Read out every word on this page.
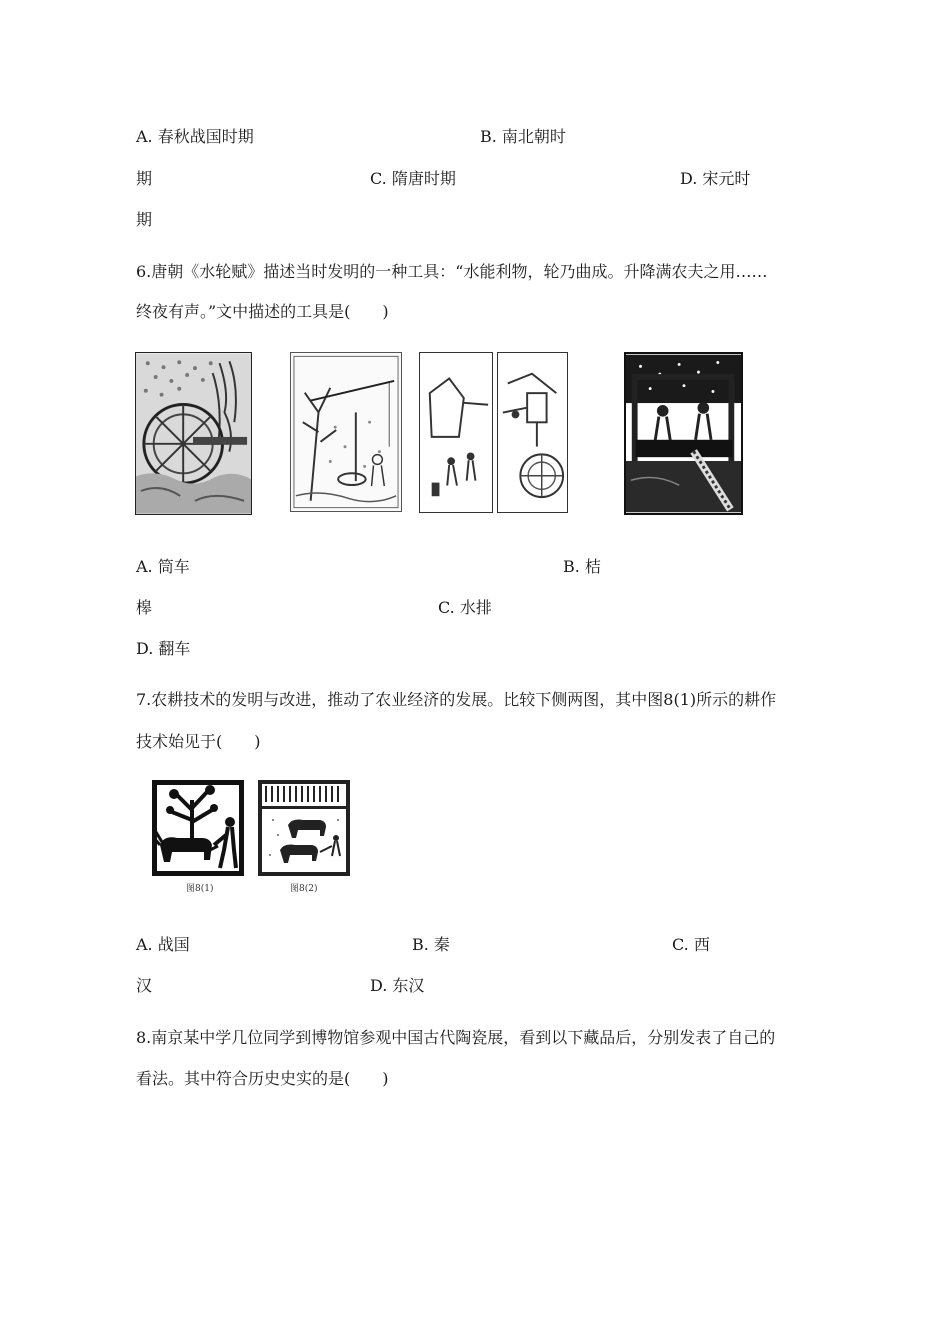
A. 春秋战国时期	B. 南北朝时
期	C. 隋唐时期	D. 宋元时
期
6.唐朝《水轮赋》描述当时发明的一种工具：“水能利物，轮乃曲成。升降满农夫之用……
终夜有声。”文中描述的工具是(　　)
A. 筒车	B. 桔
槔	C. 水排
D. 翻车
7.农耕技术的发明与改进，推动了农业经济的发展。比较下侧两图，其中图8(1)所示的耕作
技术始见于(　　)
图8(1)	图8(2)
A. 战国	B. 秦	C. 西
汉	D. 东汉
8.南京某中学几位同学到博物馆参观中国古代陶瓷展，看到以下藏品后，分别发表了自己的
看法。其中符合历史史实的是(　　)
